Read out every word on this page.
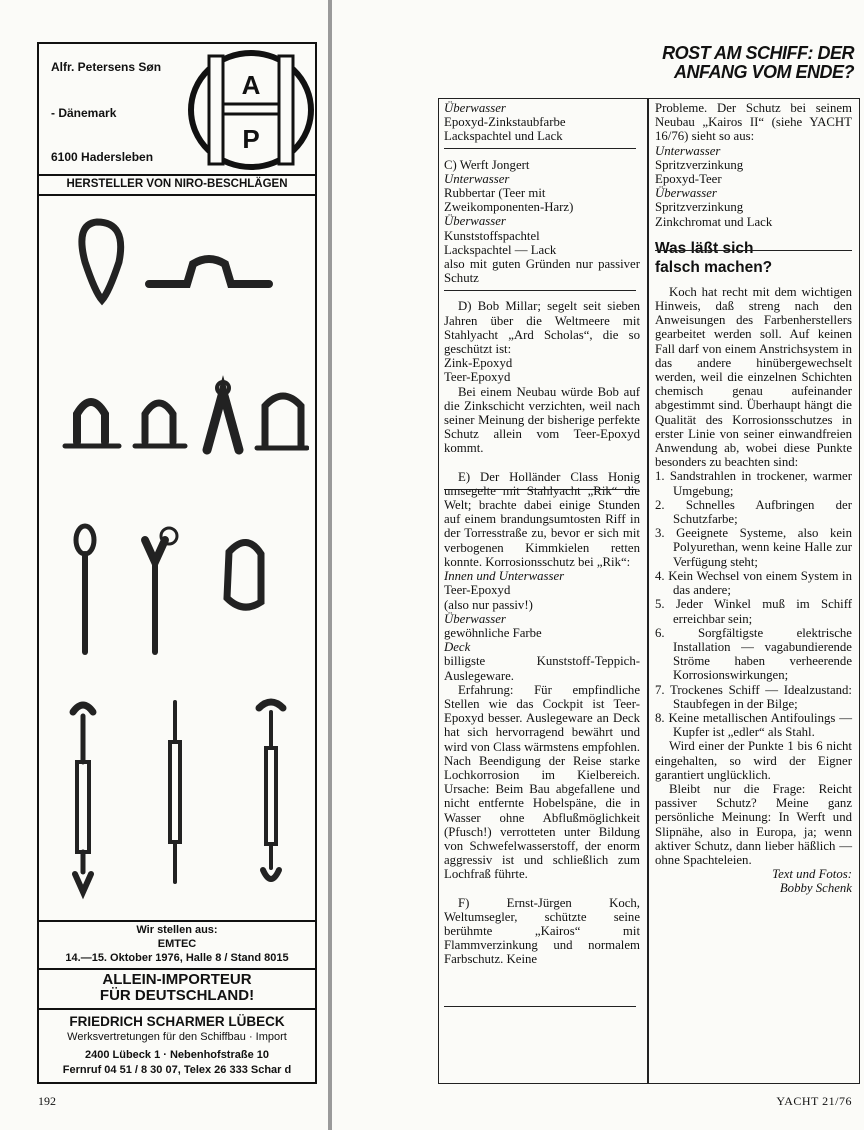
Alfr. Petersens Søn
- Dänemark
6100 Hadersleben
A
P
HERSTELLER VON NIRO-BESCHLÄGEN
Wir stellen aus:
EMTEC
14.—15. Oktober 1976, Halle 8 / Stand 8015
ALLEIN-IMPORTEUR
FÜR DEUTSCHLAND!
FRIEDRICH SCHARMER LÜBECK
Werksvertretungen für den Schiffbau · Import
2400 Lübeck 1 · Nebenhofstraße 10
Fernruf 04 51 / 8 30 07, Telex 26 333 Schar d
ROST AM SCHIFF: DER
ANFANG VOM ENDE?

Überwasser

Epoxyd-Zinkstaubfarbe

Lackspachtel und Lack

C) Werft Jongert

Unterwasser

Rubbertar (Teer mit

Zweikomponenten-Harz)

Überwasser

Kunststoffspachtel

Lackspachtel — Lack

also mit guten Gründen nur passiver Schutz

D) Bob Millar; segelt seit sieben Jahren über die Weltmeere mit Stahlyacht „Ard Scholas“, die so geschützt ist:

Zink-Epoxyd

Teer-Epoxyd

Bei einem Neubau würde Bob auf die Zinkschicht verzichten, weil nach seiner Meinung der bisherige perfekte Schutz allein vom Teer-Epoxyd kommt.

E) Der Holländer Class Honig umsegelte mit Stahlyacht „Rik“ die Welt; brachte dabei einige Stunden auf einem brandungsumtosten Riff in der Torresstraße zu, bevor er sich mit verbogenen Kimmkielen retten konnte. Korrosionsschutz bei „Rik“:

Innen und Unterwasser

Teer-Epoxyd

(also nur passiv!)

Überwasser

gewöhnliche Farbe

Deck

billigste Kunststoff-Teppich-Auslegeware.

Erfahrung: Für empfindliche Stellen wie das Cockpit ist Teer-Epoxyd besser. Auslegeware an Deck hat sich hervorragend bewährt und wird von Class wärmstens empfohlen. Nach Beendigung der Reise starke Lochkorrosion im Kielbereich. Ursache: Beim Bau abgefallene und nicht entfernte Hobelspäne, die in Wasser ohne Abflußmöglichkeit (Pfusch!) verrotteten unter Bildung von Schwefelwasserstoff, der enorm aggressiv ist und schließlich zum Lochfraß führte.

F) Ernst-Jürgen Koch, Weltumsegler, schützte seine berühmte „Kairos“ mit Flammverzinkung und normalem Farbschutz. Keine

Probleme. Der Schutz bei seinem Neubau „Kairos II“ (siehe YACHT 16/76) sieht so aus:

Unterwasser

Spritzverzinkung

Epoxyd-Teer

Überwasser

Spritzverzinkung

Zinkchromat und Lack

Was läßt sich
falsch machen?

Koch hat recht mit dem wichtigen Hinweis, daß streng nach den Anweisungen des Farbenherstellers gearbeitet werden soll. Auf keinen Fall darf von einem Anstrichsystem in das andere hinübergewechselt werden, weil die einzelnen Schichten chemisch genau aufeinander abgestimmt sind. Überhaupt hängt die Qualität des Korrosionsschutzes in erster Linie von seiner einwandfreien Anwendung ab, wobei diese Punkte besonders zu beachten sind:

1. Sandstrahlen in trockener, warmer Umgebung;

2. Schnelles Aufbringen der Schutzfarbe;

3. Geeignete Systeme, also kein Polyurethan, wenn keine Halle zur Verfügung steht;

4. Kein Wechsel von einem System in das andere;

5. Jeder Winkel muß im Schiff erreichbar sein;

6. Sorgfältigste elektrische Installation — vagabundierende Ströme haben verheerende Korrosionswirkungen;

7. Trockenes Schiff — Idealzustand: Staubfegen in der Bilge;

8. Keine metallischen Antifoulings — Kupfer ist „edler“ als Stahl.

Wird einer der Punkte 1 bis 6 nicht eingehalten, so wird der Eigner garantiert unglücklich.

Bleibt nur die Frage: Reicht passiver Schutz? Meine ganz persönliche Meinung: In Werft und Slipnähe, also in Europa, ja; wenn aktiver Schutz, dann lieber häßlich — ohne Spachteleien.

Text und Fotos:

Bobby Schenk

192	YACHT 21/76
